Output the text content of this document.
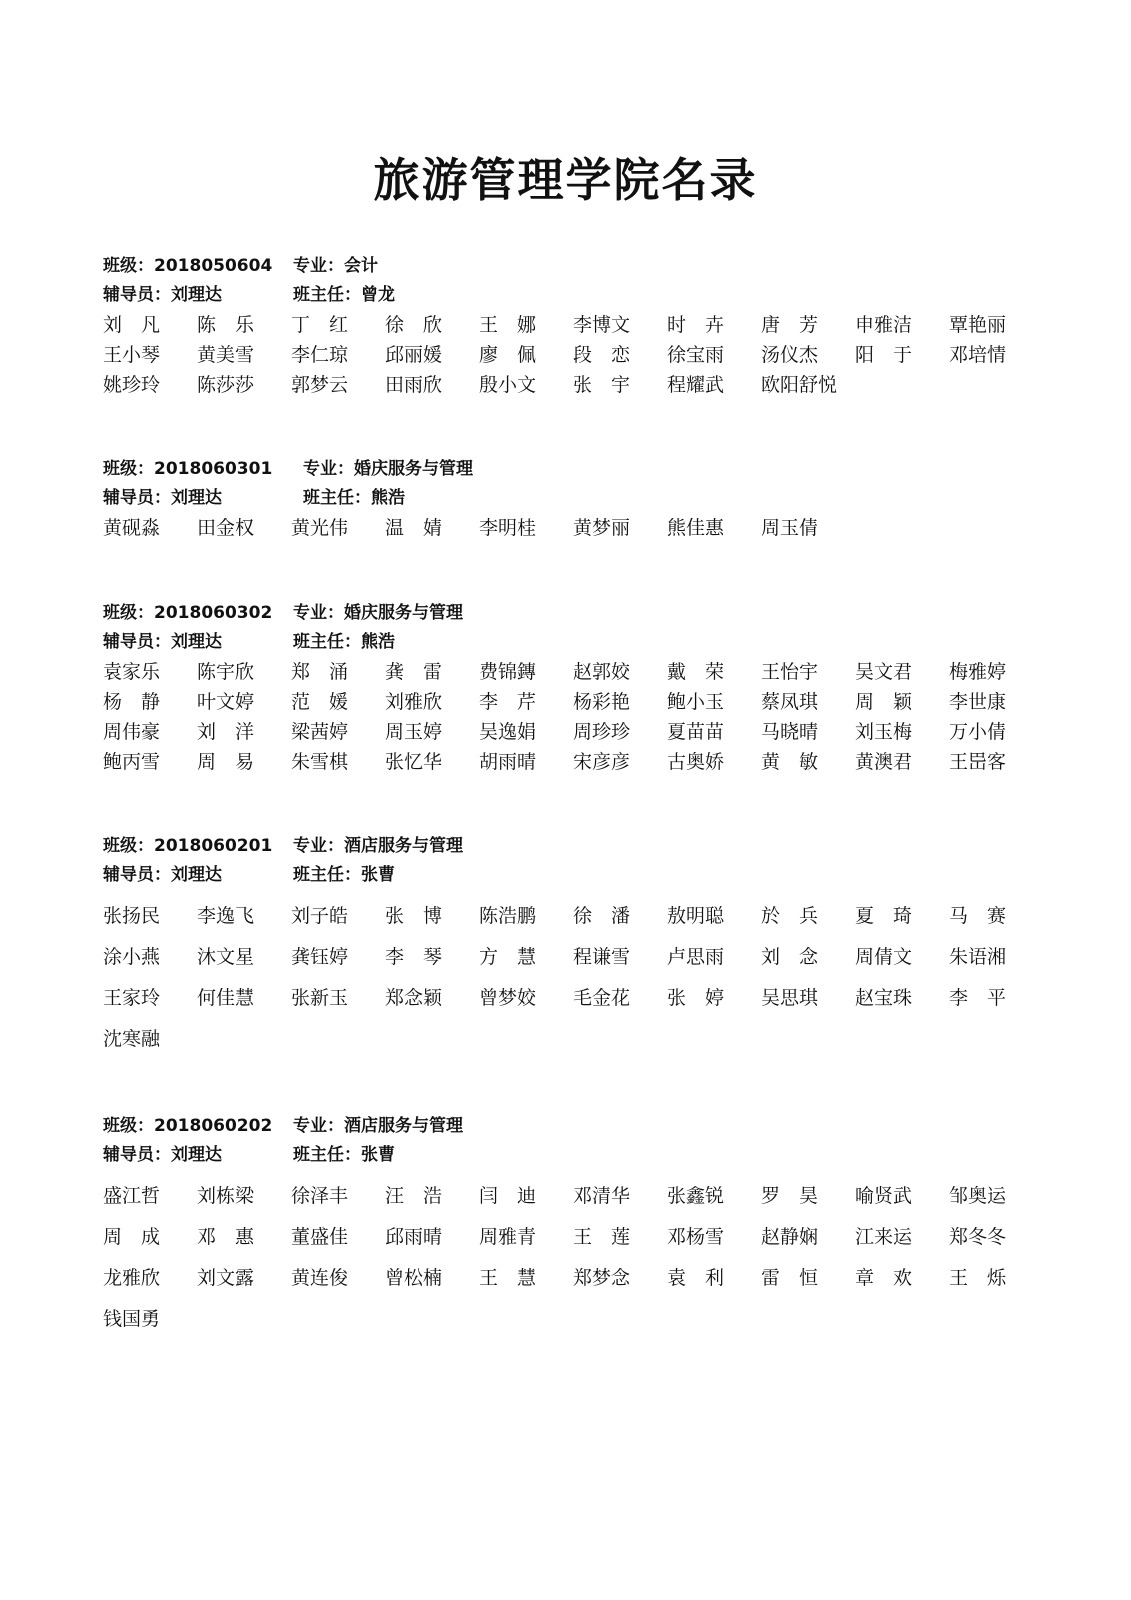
旅游管理学院名录
班级：2018050604 专业：会计
辅导员：刘理达	班主任：曾龙
刘 凡	陈 乐	丁 红	徐 欣	王 娜	李博文	时 卉	唐 芳	申雅洁	覃艳丽
王小琴	黄美雪	李仁琼	邱丽媛	廖 佩	段 恋	徐宝雨	汤仪杰	阳 于	邓培情
姚珍玲	陈莎莎	郭梦云	田雨欣	殷小文	张 宇	程耀武	欧阳舒悦
班级：2018060301 专业：婚庆服务与管理
辅导员：刘理达	班主任：熊浩
黄砚淼	田金权	黄光伟	温 婧	李明桂	黄梦丽	熊佳惠	周玉倩
班级：2018060302 专业：婚庆服务与管理
辅导员：刘理达	班主任：熊浩
袁家乐	陈宇欣	郑 涌	龚 雷	费锦鏄	赵郭姣	戴 荣	王怡宇	吴文君	梅雅婷
杨 静	叶文婷	范 媛	刘雅欣	李 芹	杨彩艳	鲍小玉	蔡凤琪	周 颖	李世康
周伟豪	刘 洋	梁茜婷	周玉婷	吴逸娟	周珍珍	夏苗苗	马晓晴	刘玉梅	万小倩
鲍丙雪	周 易	朱雪棋	张忆华	胡雨晴	宋彦彦	古奥娇	黄 敏	黄澳君	王岊客
班级：2018060201 专业：酒店服务与管理
辅导员：刘理达	班主任：张曹
张扬民	李逸飞	刘子皓	张 博	陈浩鹏	徐 潘	敖明聪	於 兵	夏 琦	马 赛
涂小燕	沐文星	龚钰婷	李 琴	方 慧	程谦雪	卢思雨	刘 念	周倩文	朱语湘
王家玲	何佳慧	张新玉	郑念颖	曾梦姣	毛金花	张 婷	吴思琪	赵宝珠	李 平
沈寒融
班级：2018060202 专业：酒店服务与管理
辅导员：刘理达	班主任：张曹
盛江哲	刘栋梁	徐泽丰	汪 浩	闫 迪	邓清华	张鑫锐	罗 昊	喻贤武	邹奥运
周 成	邓 惠	董盛佳	邱雨晴	周雅青	王 莲	邓杨雪	赵静娴	江来运	郑冬冬
龙雅欣	刘文露	黄连俊	曾松楠	王 慧	郑梦念	袁 利	雷 恒	章 欢	王 烁
钱国勇
